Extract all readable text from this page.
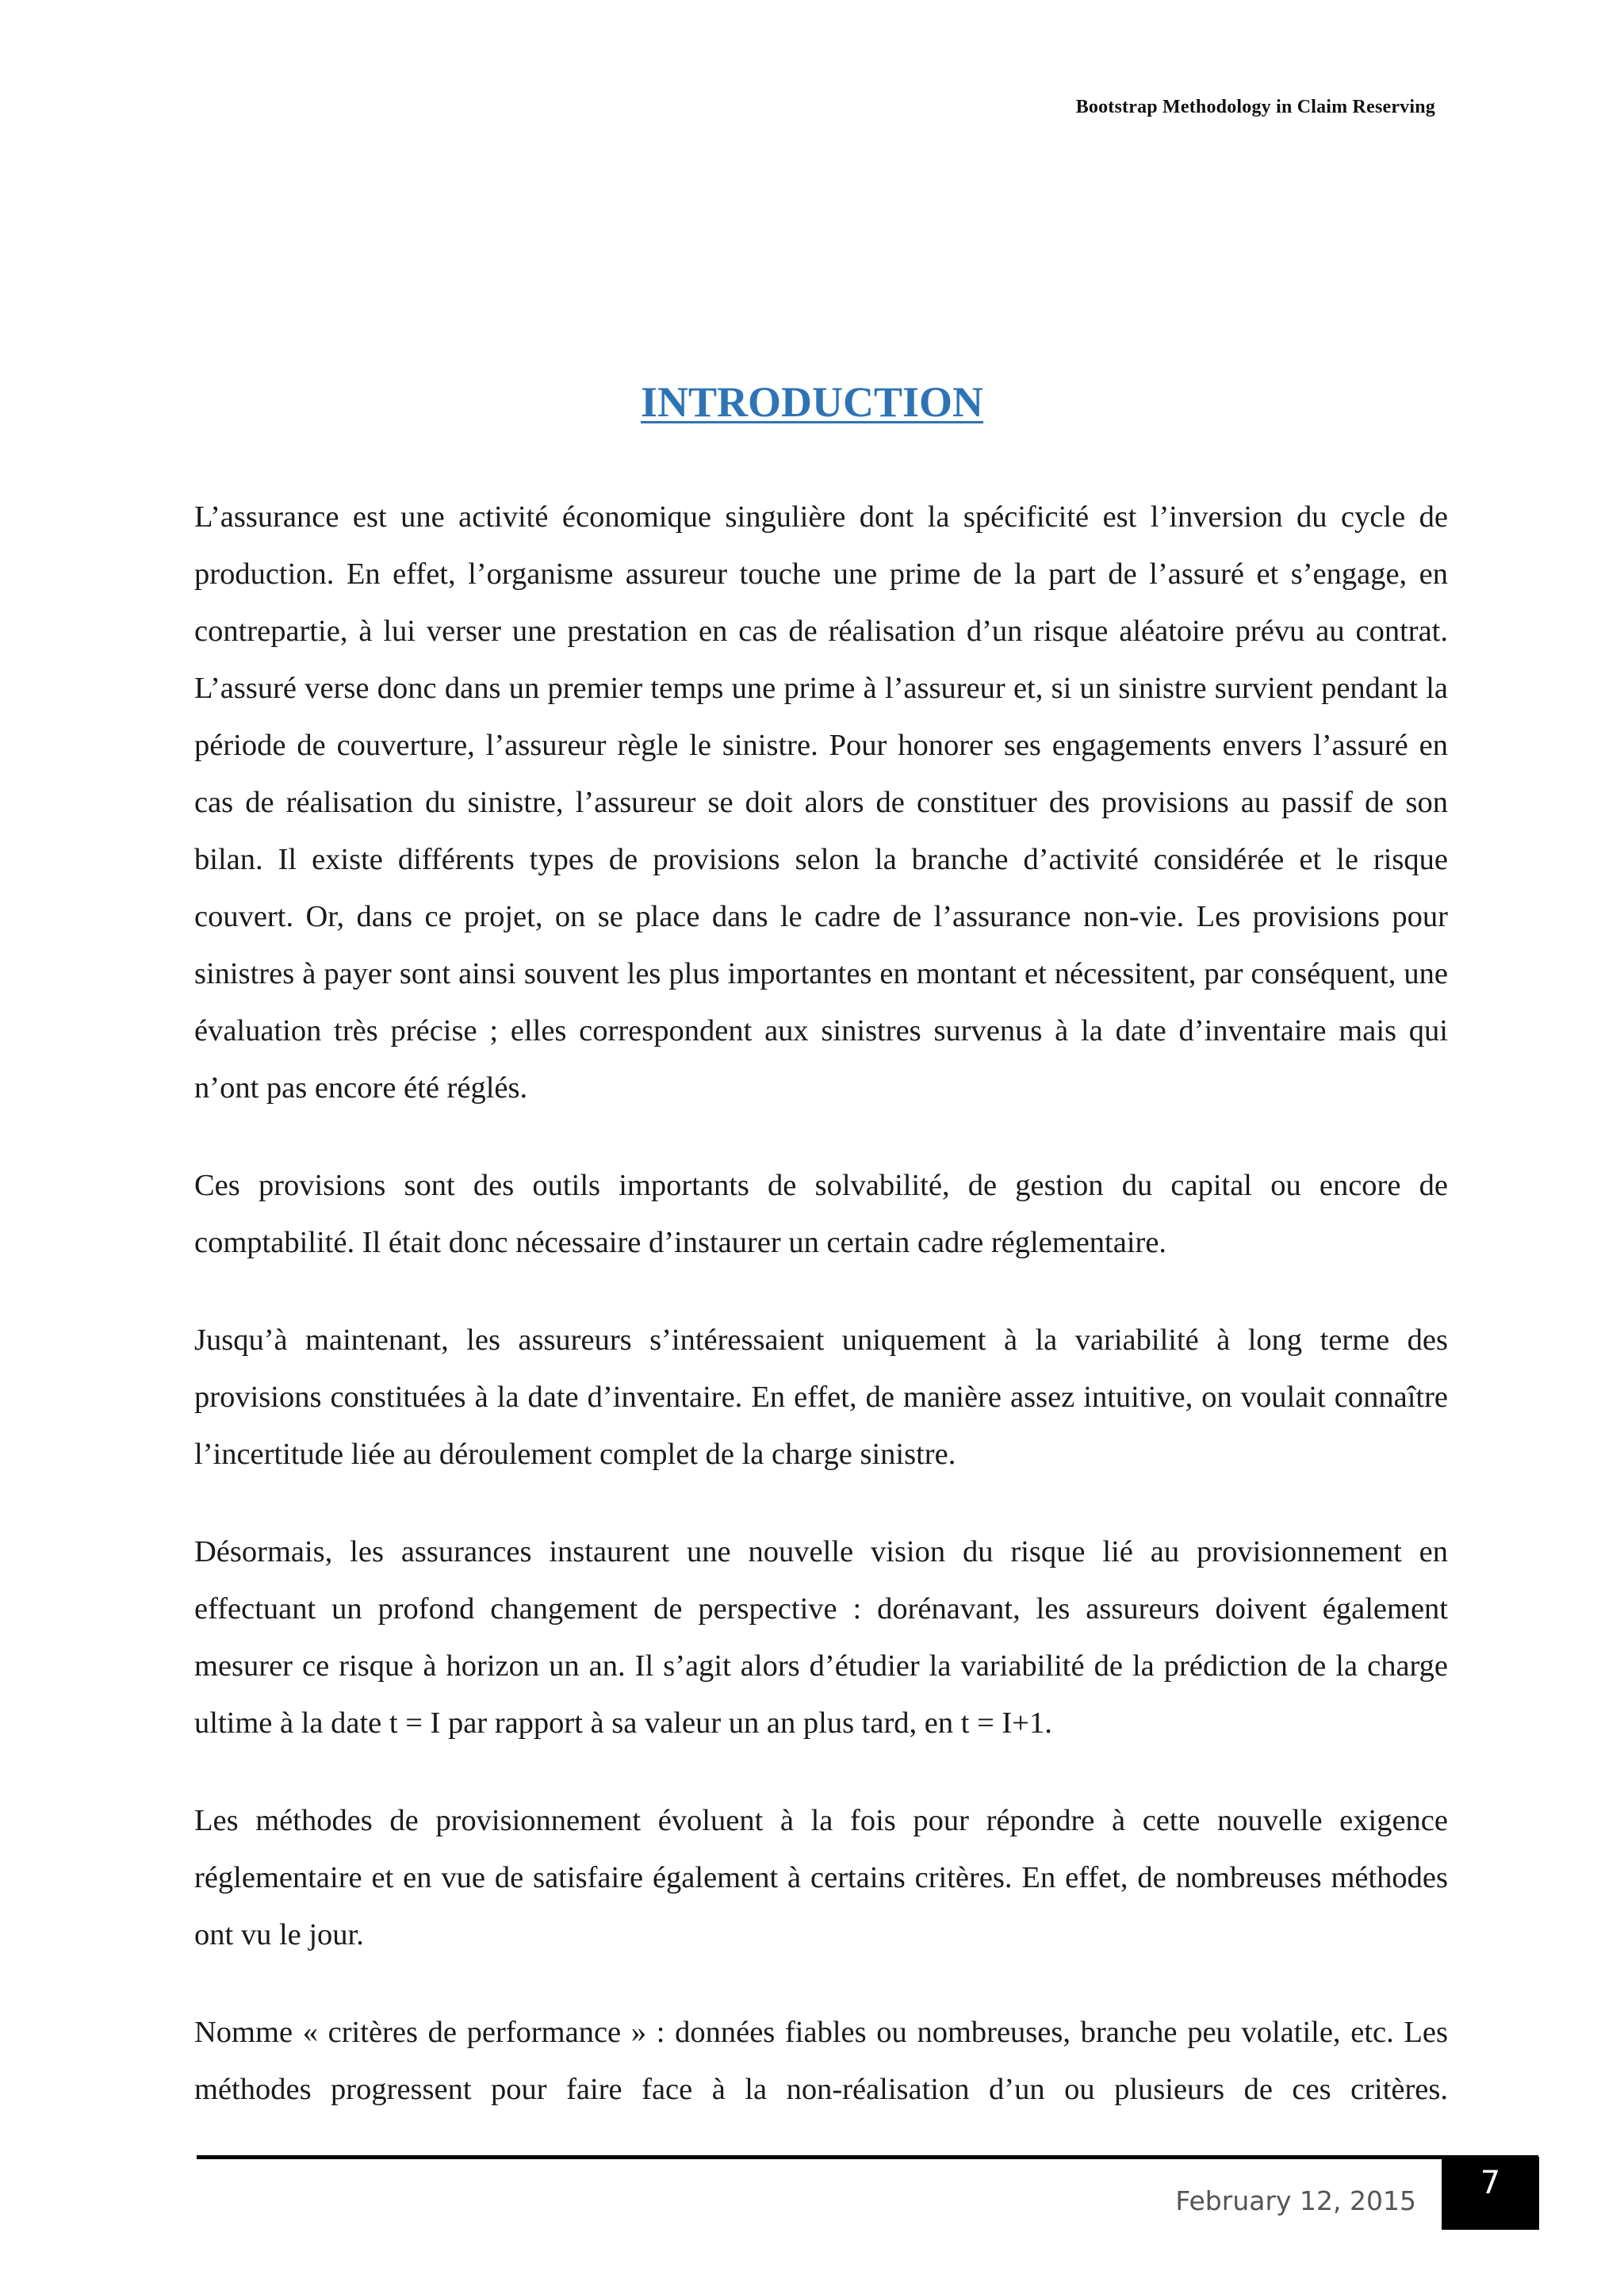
Bootstrap Methodology in Claim Reserving
INTRODUCTION

L’assurance est une activité économique singulière dont la spécificité est l’inversion du cycle de production. En effet, l’organisme assureur touche une prime de la part de l’assuré et s’engage, en contrepartie, à lui verser une prestation en cas de réalisation d’un risque aléatoire prévu au contrat. L’assuré verse donc dans un premier temps une prime à l’assureur et, si un sinistre survient pendant la période de couverture, l’assureur règle le sinistre. Pour honorer ses engagements envers l’assuré en cas de réalisation du sinistre, l’assureur se doit alors de constituer des provisions au passif de son bilan. Il existe différents types de provisions selon la branche d’activité considérée et le risque couvert. Or, dans ce projet, on se place dans le cadre de l’assurance non-vie. Les provisions pour sinistres à payer sont ainsi souvent les plus importantes en montant et nécessitent, par conséquent, une évaluation très précise ; elles correspondent aux sinistres survenus à la date d’inventaire mais qui n’ont pas encore été réglés.

Ces provisions sont des outils importants de solvabilité, de gestion du capital ou encore de comptabilité. Il était donc nécessaire d’instaurer un certain cadre réglementaire.

Jusqu’à maintenant, les assureurs s’intéressaient uniquement à la variabilité à long terme des provisions constituées à la date d’inventaire. En effet, de manière assez intuitive, on voulait connaître l’incertitude liée au déroulement complet de la charge sinistre.

Désormais, les assurances instaurent une nouvelle vision du risque lié au provisionnement en effectuant un profond changement de perspective : dorénavant, les assureurs doivent également mesurer ce risque à horizon un an. Il s’agit alors d’étudier la variabilité de la prédiction de la charge ultime à la date t = I par rapport à sa valeur un an plus tard, en t = I+1.

Les méthodes de provisionnement évoluent à la fois pour répondre à cette nouvelle exigence réglementaire et en vue de satisfaire également à certains critères. En effet, de nombreuses méthodes ont vu le jour.

Nomme « critères de performance » : données fiables ou nombreuses, branche peu volatile, etc. Les méthodes progressent pour faire face à la non-réalisation d’un ou plusieurs de ces critères.

February 12, 2015 7
